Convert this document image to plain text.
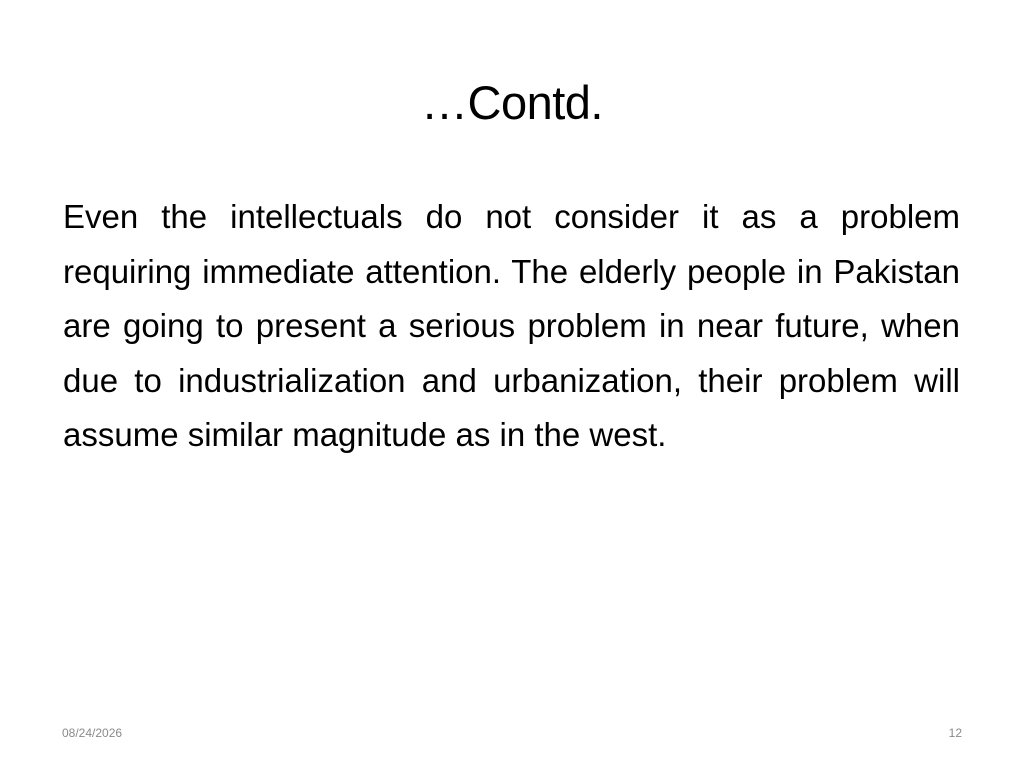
…Contd.
Even the intellectuals do not consider it as a problem requiring immediate attention. The elderly people in Pakistan are going to present a serious problem in near future, when due to industrialization and urbanization, their problem will assume similar magnitude as in the west.
08/24/2026	12
